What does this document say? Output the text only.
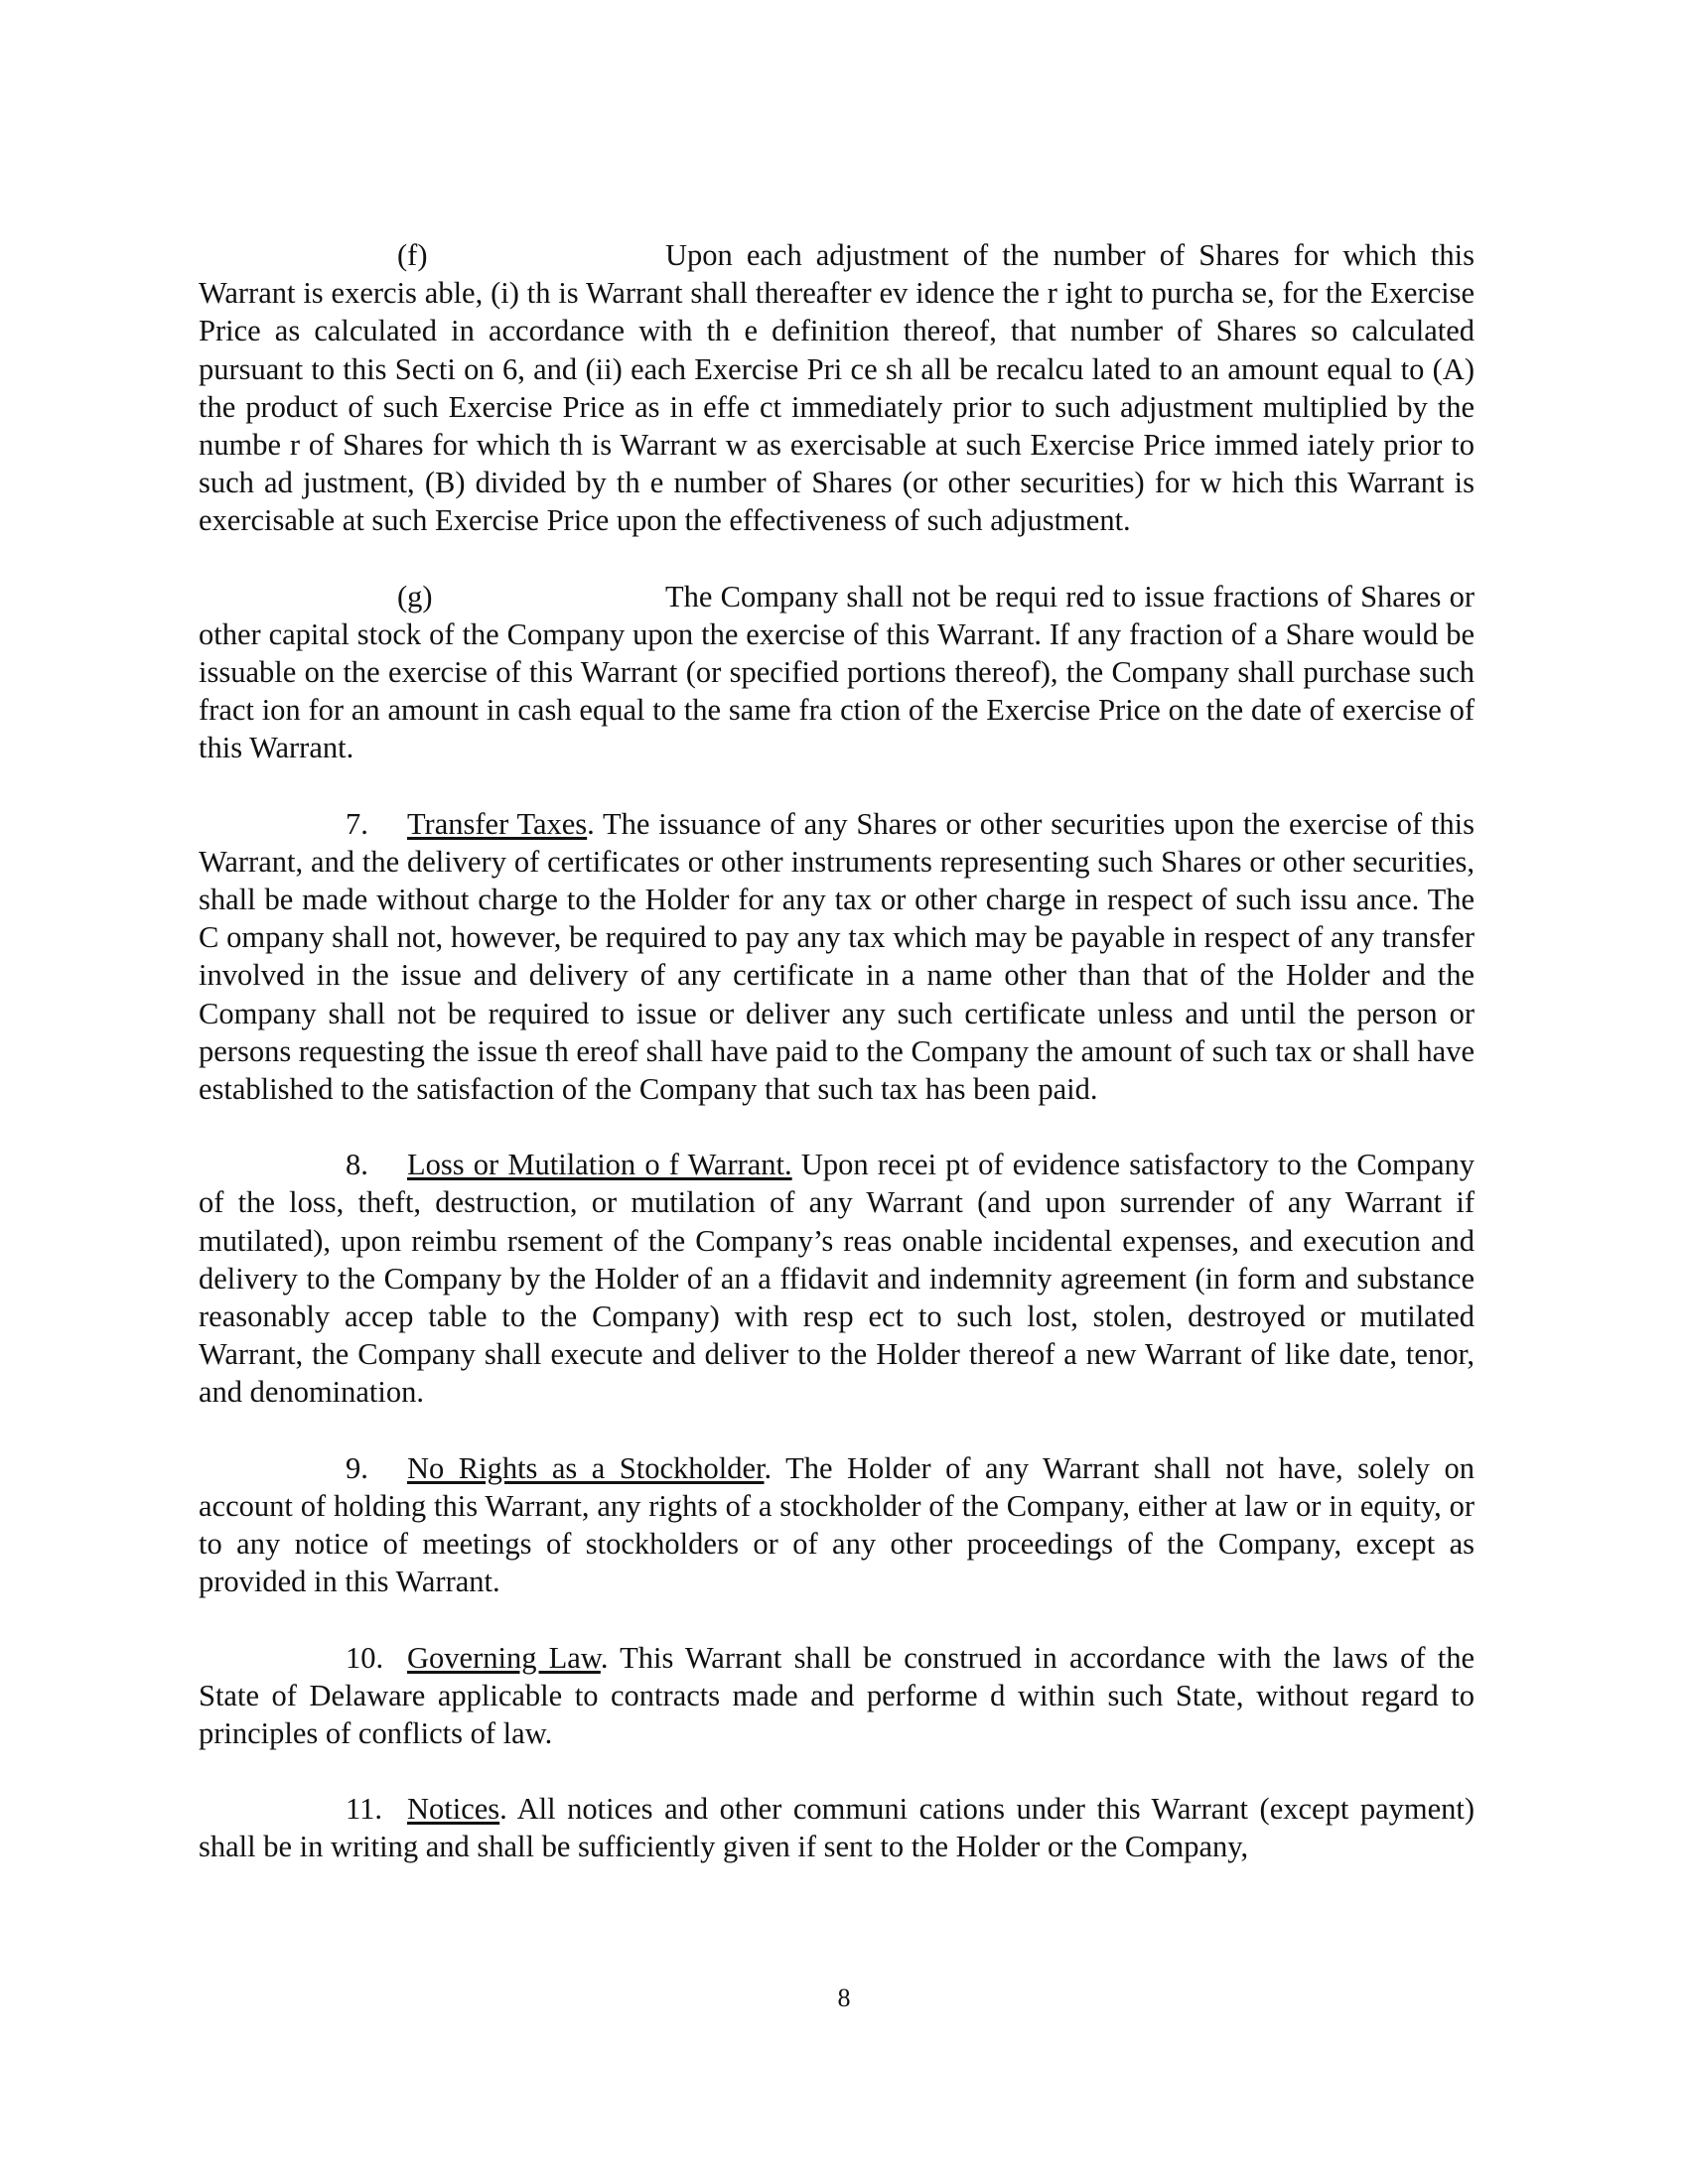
(f)	Upon each adjustment of the number of Shares for which this Warrant is exercis able, (i) th is Warrant shall thereafter ev idence the r ight to purcha se, for the Exercise Price as calculated in accordance with th e definition thereof, that number of Shares so calculated pursuant to this Secti on 6, and (ii) each Exercise Pri ce sh all be recalcu lated to an amount equal to (A) the product of such Exercise Price as in effe ct immediately prior to such adjustment multiplied by the numbe r of Shares for which th is Warrant w as exercisable at such Exercise Price immed iately prior to such ad justment, (B) divided by th e number of Shares (or other securities) for w hich this Warrant is exercisable at such Exercise Price upon the effectiveness of such adjustment.

(g)	The Company shall not be requi red to issue fractions of Shares or other capital stock of the Company upon the exercise of this Warrant. If any fraction of a Share would be issuable on the exercise of this Warrant (or specified portions thereof), the Company shall purchase such fract ion for an amount in cash equal to the same fra ction of the Exercise Price on the date of exercise of this Warrant.

7. Transfer Taxes. The issuance of any Shares or other securities upon the exercise of this Warrant, and the delivery of certificates or other instruments representing such Shares or other securities, shall be made without charge to the Holder for any tax or other charge in respect of such issu ance. The C ompany shall not, however, be required to pay any tax which may be payable in respect of any transfer involved in the issue and delivery of any certificate in a name other than that of the Holder and the Company shall not be required to issue or deliver any such certificate unless and until the person or persons requesting the issue th ereof shall have paid to the Company the amount of such tax or shall have established to the satisfaction of the Company that such tax has been paid.

8. Loss or Mutilation o f Warrant. Upon recei pt of evidence satisfactory to the Company of the loss, theft, destruction, or mutilation of any Warrant (and upon surrender of any Warrant if mutilated), upon reimbu rsement of the Company’s reas onable incidental expenses, and execution and delivery to the Company by the Holder of an a ffidavit and indemnity agreement (in form and substance reasonably accep table to the Company) with resp ect to such lost, stolen, destroyed or mutilated Warrant, the Company shall execute and deliver to the Holder thereof a new Warrant of like date, tenor, and denomination.

9. No Rights as a Stockholder. The Holder of any Warrant shall not have, solely on account of holding this Warrant, any rights of a stockholder of the Company, either at law or in equity, or to any notice of meetings of stockholders or of any other proceedings of the Company, except as provided in this Warrant.

10. Governing Law. This Warrant shall be construed in accordance with the laws of the State of Delaware applicable to contracts made and performe d within such State, without regard to principles of conflicts of law.

11. Notices. All notices and other communi cations under this Warrant (except payment) shall be in writing and shall be sufficiently given if sent to the Holder or the Company,

8
